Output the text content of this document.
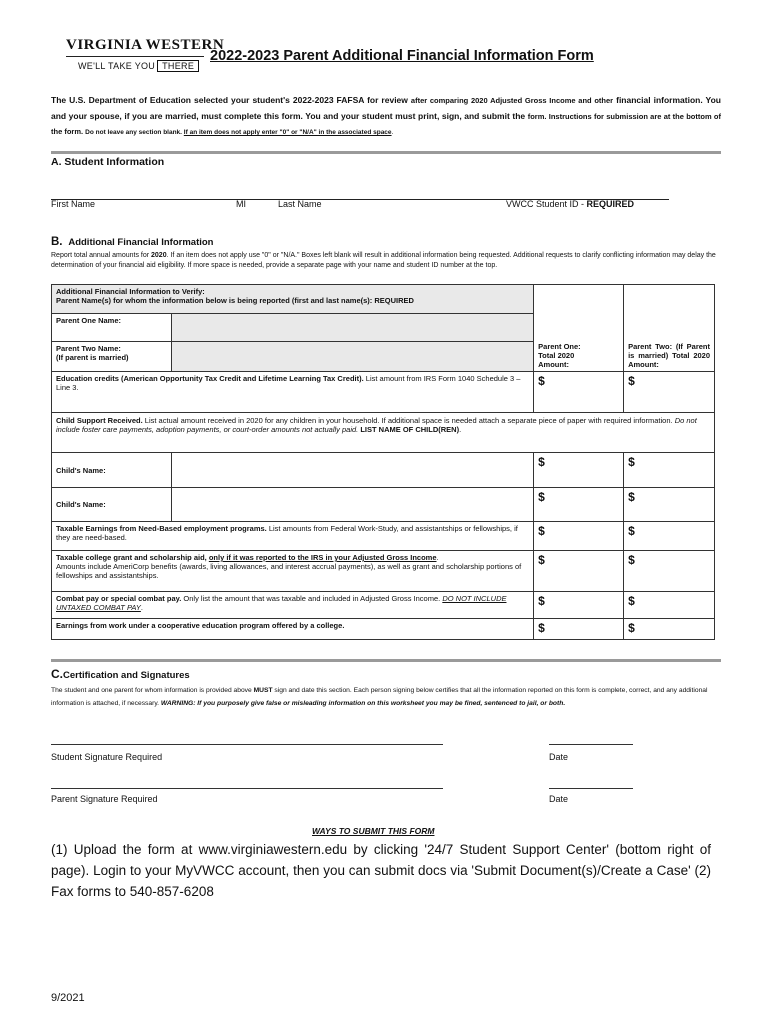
VIRGINIA WESTERN
WE'LL TAKE YOU THERE
2022-2023 Parent Additional Financial Information Form
The U.S. Department of Education selected your student's 2022-2023 FAFSA for review after comparing 2020 Adjusted Gross Income and other financial information. You and your spouse, if you are married, must complete this form. You and your student must print, sign, and submit the form. Instructions for submission are at the bottom of the form. Do not leave any section blank. If an item does not apply enter "0" or "N/A" in the associated space.
A. Student Information
First Name	MI	Last Name	VWCC Student ID - REQUIRED
B. Additional Financial Information
Report total annual amounts for 2020. If an item does not apply use "0" or "N/A." Boxes left blank will result in additional information being requested. Additional requests to clarify conflicting information may delay the determination of your financial aid eligibility. If more space is needed, provide a separate page with your name and student ID number at the top.
Additional Financial Information to Verify:
Parent Name(s) for whom the information below is being reported (first and last name(s): REQUIRED		Parent One: Total 2020 Amount:	Parent Two: (If Parent is married) Total 2020 Amount:

Parent One Name:			

Parent Two Name:
(If parent is married)			

Education credits (American Opportunity Tax Credit and Lifetime Learning Tax Credit). List amount from IRS Form 1040 Schedule 3 – Line 3.		$	$
Child Support Received. List actual amount received in 2020 for any children in your household. If additional space is needed attach a separate piece of paper with required information. Do not include foster care payments, adoption payments, or court-order amounts not actually paid. LIST NAME OF CHILD(REN).			
Child's Name:		$	$
Child's Name:		$	$
Taxable Earnings from Need-Based employment programs. List amounts from Federal Work-Study, and assistantships or fellowships, if they are need-based.		$	$
Taxable college grant and scholarship aid, only if it was reported to the IRS in your Adjusted Gross Income.
Amounts include AmeriCorp benefits (awards, living allowances, and interest accrual payments), as well as grant and scholarship portions of fellowships and assistantships.		$	$
Combat pay or special combat pay. Only list the amount that was taxable and included in Adjusted Gross Income. DO NOT INCLUDE UNTAXED COMBAT PAY.		$	$
Earnings from work under a cooperative education program offered by a college.		$	$
C.Certification and Signatures
The student and one parent for whom information is provided above MUST sign and date this section. Each person signing below certifies that all the information reported on this form is complete, correct, and any additional information is attached, if necessary. WARNING: If you purposely give false or misleading information on this worksheet you may be fined, sentenced to jail, or both.
Student Signature Required	Date
Parent Signature Required	Date
WAYS TO SUBMIT THIS FORM
(1) Upload the form at www.virginiawestern.edu by clicking '24/7 Student Support Center' (bottom right of page). Login to your MyVWCC account, then you can submit docs via 'Submit Document(s)/Create a Case' (2) Fax forms to 540-857-6208
9/2021
